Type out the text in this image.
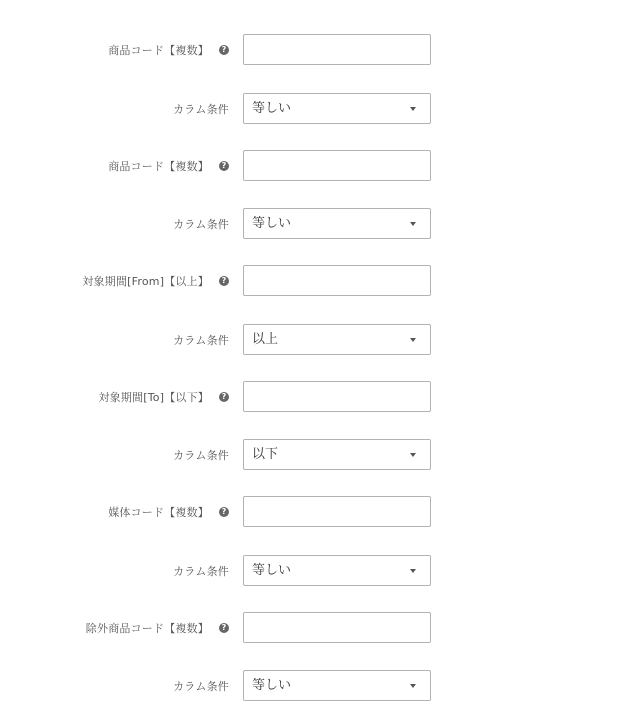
商品コード【複数】	?
カラム条件 等しい
商品コード【複数】	?
カラム条件 等しい
対象期間[From]【以上】	?
カラム条件 以上
対象期間[To]【以下】	?
カラム条件 以下
媒体コード【複数】	?
カラム条件 等しい
除外商品コード【複数】	?
カラム条件 等しい
